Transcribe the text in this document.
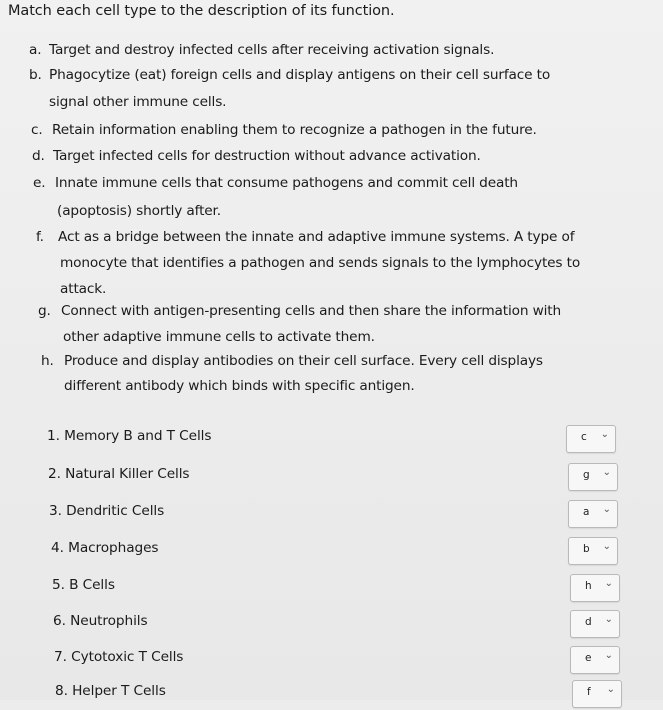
Match each cell type to the description of its function.
a. Target and destroy infected cells after receiving activation signals.
b. Phagocytize (eat) foreign cells and display antigens on their cell surface to
signal other immune cells.
c. Retain information enabling them to recognize a pathogen in the future.
d. Target infected cells for destruction without advance activation.
e. Innate immune cells that consume pathogens and commit cell death
(apoptosis) shortly after.
f. Act as a bridge between the innate and adaptive immune systems. A type of
monocyte that identifies a pathogen and sends signals to the lymphocytes to
attack.
g. Connect with antigen-presenting cells and then share the information with
other adaptive immune cells to activate them.
h. Produce and display antibodies on their cell surface. Every cell displays
different antibody which binds with specific antigen.
1. Memory B and T Cells	c ⌄
2. Natural Killer Cells	g ⌄
3. Dendritic Cells	a ⌄
4. Macrophages	b ⌄
5. B Cells	h ⌄
6. Neutrophils	d ⌄
7. Cytotoxic T Cells	e ⌄
8. Helper T Cells	f ⌄
